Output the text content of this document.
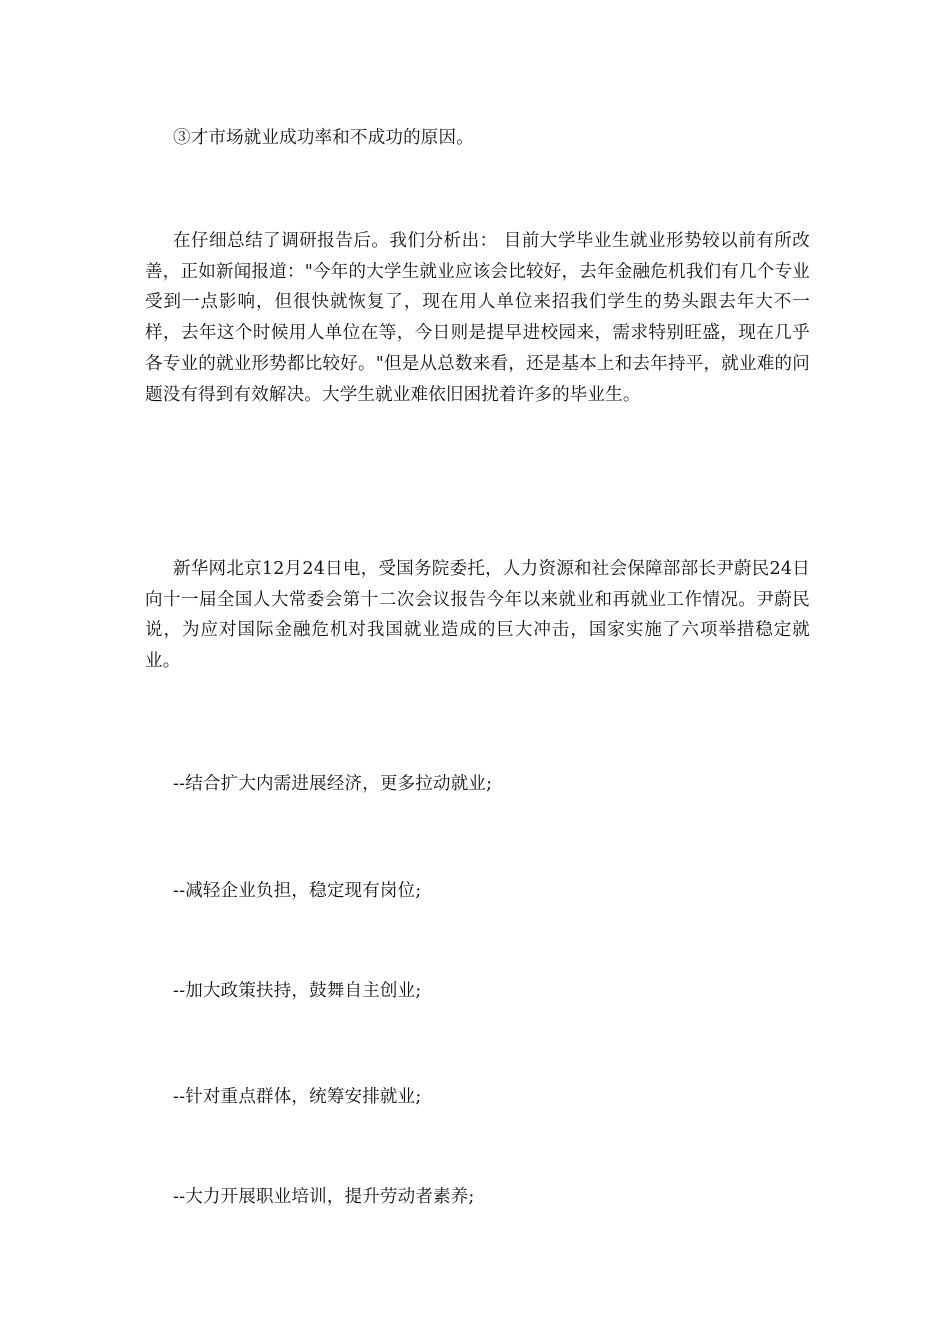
③才市场就业成功率和不成功的原因。

在仔细总结了调研报告后。我们分析出： 目前大学毕业生就业形势较以前有所改善，正如新闻报道："今年的大学生就业应该会比较好，去年金融危机我们有几个专业受到一点影响，但很快就恢复了，现在用人单位来招我们学生的势头跟去年大不一样，去年这个时候用人单位在等，今日则是提早进校园来，需求特别旺盛，现在几乎各专业的就业形势都比较好。"但是从总数来看，还是基本上和去年持平，就业难的问题没有得到有效解决。大学生就业难依旧困扰着许多的毕业生。

新华网北京12月24日电，受国务院委托，人力资源和社会保障部部长尹蔚民24日向十一届全国人大常委会第十二次会议报告今年以来就业和再就业工作情况。尹蔚民说，为应对国际金融危机对我国就业造成的巨大冲击，国家实施了六项举措稳定就业。

--结合扩大内需进展经济，更多拉动就业;

--减轻企业负担，稳定现有岗位;

--加大政策扶持，鼓舞自主创业;

--针对重点群体，统筹安排就业;

--大力开展职业培训，提升劳动者素养;
